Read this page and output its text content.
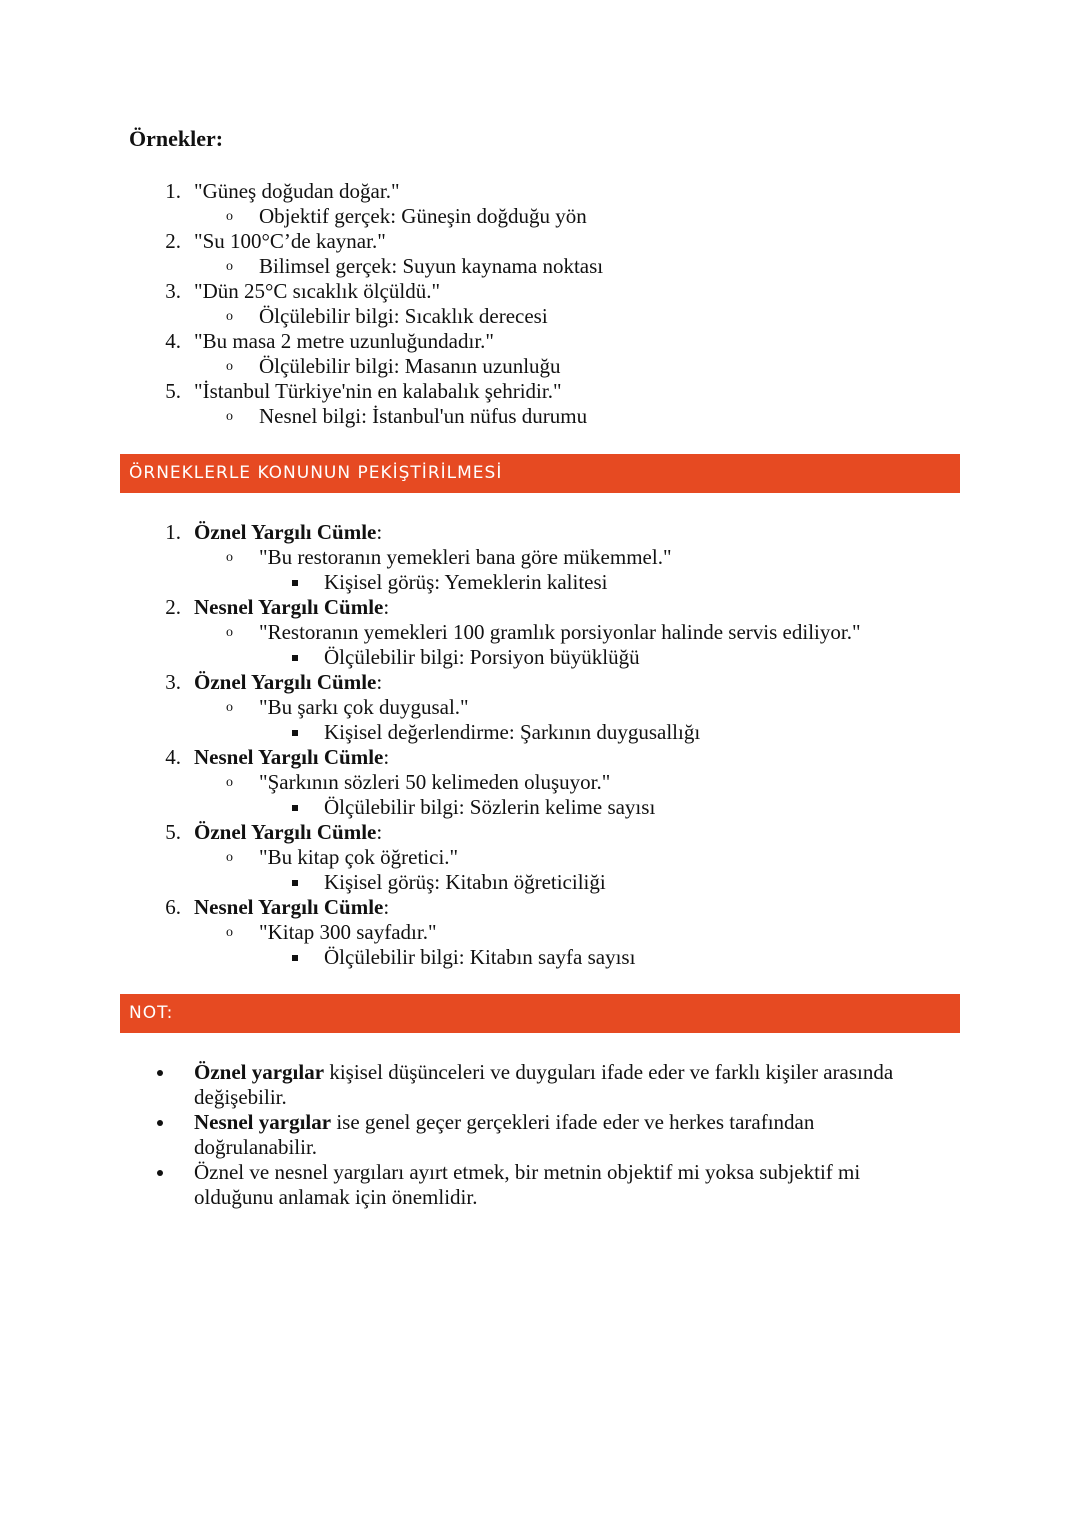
Örnekler:
1. "Güneş doğudan doğar."
o Objektif gerçek: Güneşin doğduğu yön
2. "Su 100°C’de kaynar."
o Bilimsel gerçek: Suyun kaynama noktası
3. "Dün 25°C sıcaklık ölçüldü."
o Ölçülebilir bilgi: Sıcaklık derecesi
4. "Bu masa 2 metre uzunluğundadır."
o Ölçülebilir bilgi: Masanın uzunluğu
5. "İstanbul Türkiye'nin en kalabalık şehridir."
o Nesnel bilgi: İstanbul'un nüfus durumu
ÖRNEKLERLE KONUNUN PEKİŞTİRİLMESİ
1. Öznel Yargılı Cümle:
o "Bu restoranın yemekleri bana göre mükemmel."
Kişisel görüş: Yemeklerin kalitesi
2. Nesnel Yargılı Cümle:
o "Restoranın yemekleri 100 gramlık porsiyonlar halinde servis ediliyor."
Ölçülebilir bilgi: Porsiyon büyüklüğü
3. Öznel Yargılı Cümle:
o "Bu şarkı çok duygusal."
Kişisel değerlendirme: Şarkının duygusallığı
4. Nesnel Yargılı Cümle:
o "Şarkının sözleri 50 kelimeden oluşuyor."
Ölçülebilir bilgi: Sözlerin kelime sayısı
5. Öznel Yargılı Cümle:
o "Bu kitap çok öğretici."
Kişisel görüş: Kitabın öğreticiliği
6. Nesnel Yargılı Cümle:
o "Kitap 300 sayfadır."
Ölçülebilir bilgi: Kitabın sayfa sayısı
NOT:
Öznel yargılar kişisel düşünceleri ve duyguları ifade eder ve farklı kişiler arasında değişebilir.
Nesnel yargılar ise genel geçer gerçekleri ifade eder ve herkes tarafından doğrulanabilir.
Öznel ve nesnel yargıları ayırt etmek, bir metnin objektif mi yoksa subjektif mi olduğunu anlamak için önemlidir.
